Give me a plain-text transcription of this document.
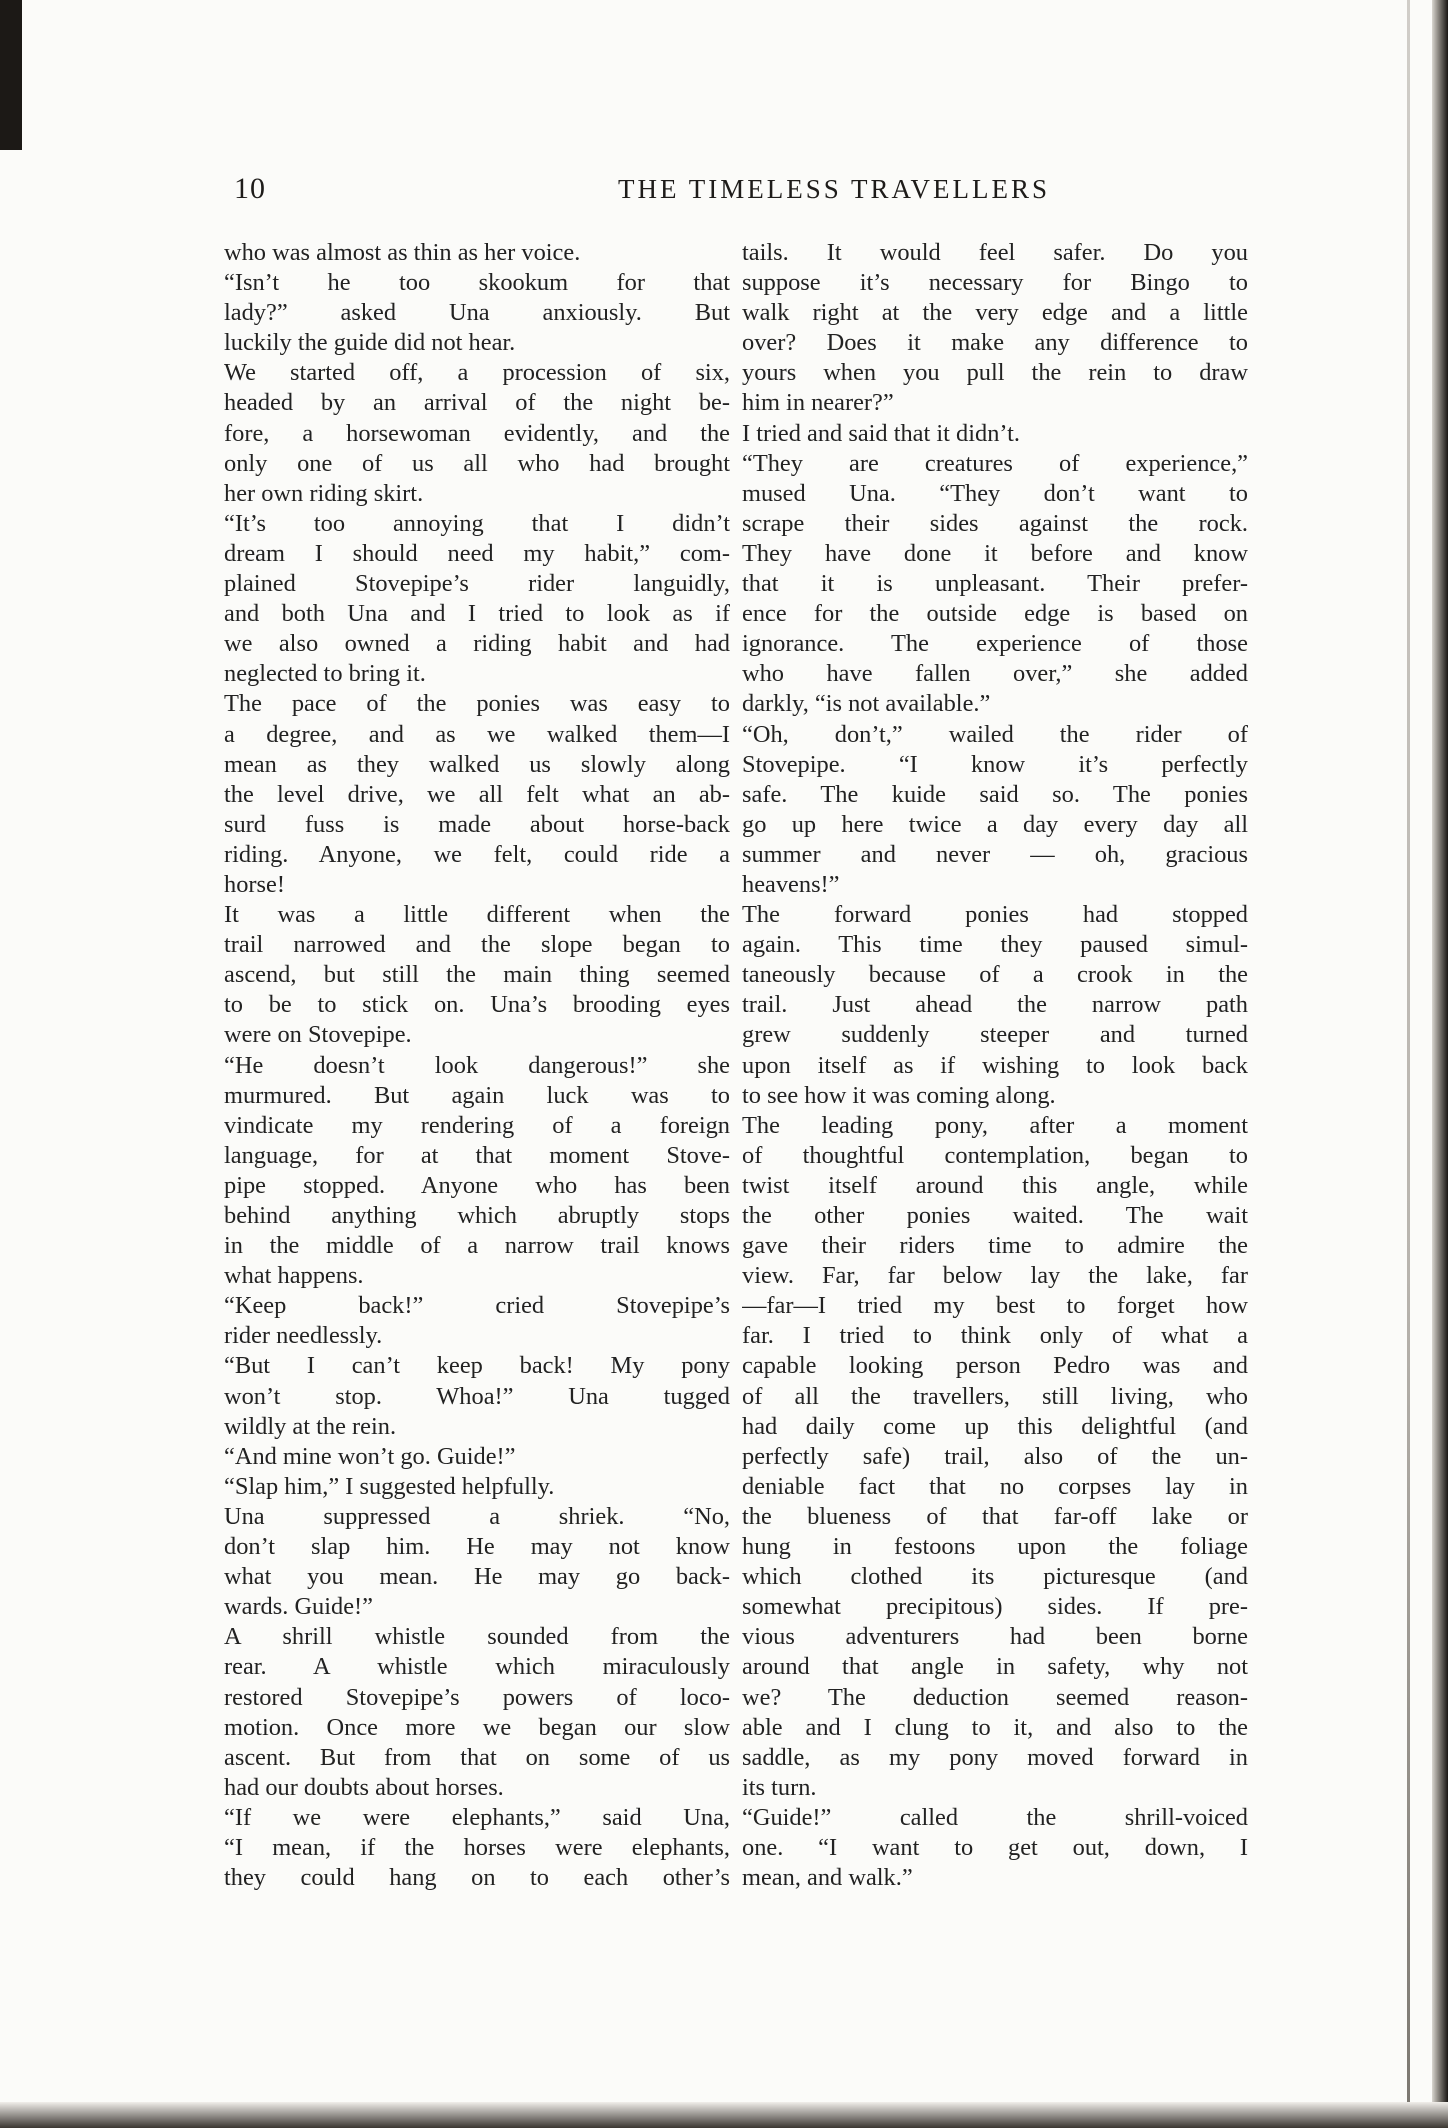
10	THE TIMELESS TRAVELLERS
who was almost as thin as her voice.
“Isn’t he too skookum for that
lady?” asked Una anxiously. But
luckily the guide did not hear.
We started off, a procession of six,
headed by an arrival of the night be-
fore, a horsewoman evidently, and the
only one of us all who had brought
her own riding skirt.
“It’s too annoying that I didn’t
dream I should need my habit,” com-
plained Stovepipe’s rider languidly,
and both Una and I tried to look as if
we also owned a riding habit and had
neglected to bring it.
The pace of the ponies was easy to
a degree, and as we walked them—I
mean as they walked us slowly along
the level drive, we all felt what an ab-
surd fuss is made about horse-back
riding. Anyone, we felt, could ride a
horse!
It was a little different when the
trail narrowed and the slope began to
ascend, but still the main thing seemed
to be to stick on. Una’s brooding eyes
were on Stovepipe.
“He doesn’t look dangerous!” she
murmured. But again luck was to
vindicate my rendering of a foreign
language, for at that moment Stove-
pipe stopped. Anyone who has been
behind anything which abruptly stops
in the middle of a narrow trail knows
what happens.
“Keep back!” cried Stovepipe’s
rider needlessly.
“But I can’t keep back! My pony
won’t stop. Whoa!” Una tugged
wildly at the rein.
“And mine won’t go. Guide!”
“Slap him,” I suggested helpfully.
Una suppressed a shriek. “No,
don’t slap him. He may not know
what you mean. He may go back-
wards. Guide!”
A shrill whistle sounded from the
rear. A whistle which miraculously
restored Stovepipe’s powers of loco-
motion. Once more we began our slow
ascent. But from that on some of us
had our doubts about horses.
“If we were elephants,” said Una,
“I mean, if the horses were elephants,
they could hang on to each other’s
tails. It would feel safer. Do you
suppose it’s necessary for Bingo to
walk right at the very edge and a little
over? Does it make any difference to
yours when you pull the rein to draw
him in nearer?”
I tried and said that it didn’t.
“They are creatures of experience,”
mused Una. “They don’t want to
scrape their sides against the rock.
They have done it before and know
that it is unpleasant. Their prefer-
ence for the outside edge is based on
ignorance. The experience of those
who have fallen over,” she added
darkly, “is not available.”
“Oh, don’t,” wailed the rider of
Stovepipe. “I know it’s perfectly
safe. The kuide said so. The ponies
go up here twice a day every day all
summer and never — oh, gracious
heavens!”
The forward ponies had stopped
again. This time they paused simul-
taneously because of a crook in the
trail. Just ahead the narrow path
grew suddenly steeper and turned
upon itself as if wishing to look back
to see how it was coming along.
The leading pony, after a moment
of thoughtful contemplation, began to
twist itself around this angle, while
the other ponies waited. The wait
gave their riders time to admire the
view. Far, far below lay the lake, far
—far—I tried my best to forget how
far. I tried to think only of what a
capable looking person Pedro was and
of all the travellers, still living, who
had daily come up this delightful (and
perfectly safe) trail, also of the un-
deniable fact that no corpses lay in
the blueness of that far-off lake or
hung in festoons upon the foliage
which clothed its picturesque (and
somewhat precipitous) sides. If pre-
vious adventurers had been borne
around that angle in safety, why not
we? The deduction seemed reason-
able and I clung to it, and also to the
saddle, as my pony moved forward in
its turn.
“Guide!” called the shrill-voiced
one. “I want to get out, down, I
mean, and walk.”
